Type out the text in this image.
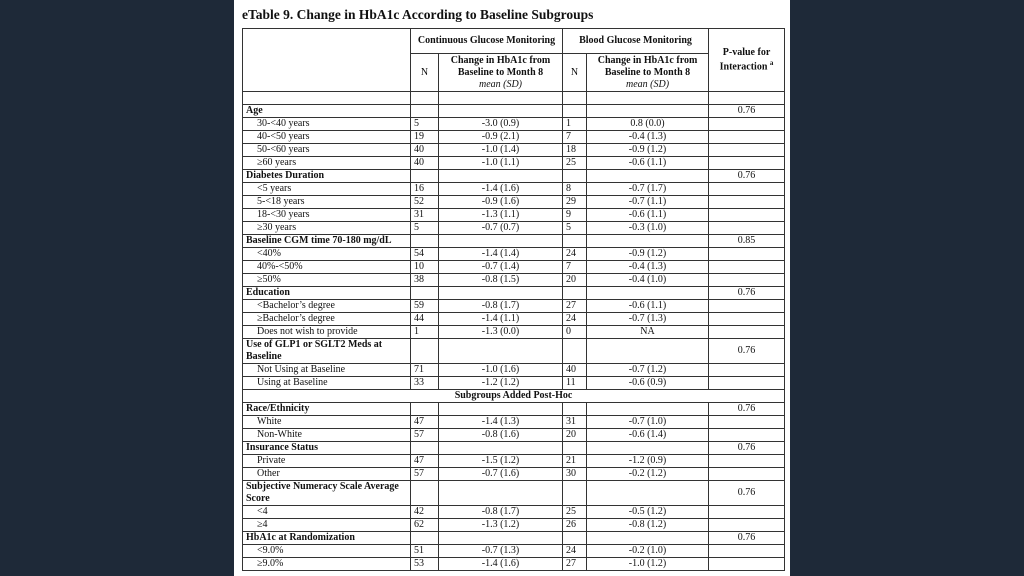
eTable 9. Change in HbA1c According to Baseline Subgroups
	Continuous Glucose Monitoring		Blood Glucose Monitoring		P-value for Interaction $^a$
	N	Change in HbA1c from Baseline to Month 8
mean (SD)	N	Change in HbA1c from Baseline to Month 8
mean (SD)	

Age					0.76
30-<40 years	5	-3.0 (0.9)	1	0.8 (0.0)	
40-<50 years	19	-0.9 (2.1)	7	-0.4 (1.3)	
50-<60 years	40	-1.0 (1.4)	18	-0.9 (1.2)	
≥60 years	40	-1.0 (1.1)	25	-0.6 (1.1)	
Diabetes Duration					0.76
<5 years	16	-1.4 (1.6)	8	-0.7 (1.7)	
5-<18 years	52	-0.9 (1.6)	29	-0.7 (1.1)	
18-<30 years	31	-1.3 (1.1)	9	-0.6 (1.1)	
≥30 years	5	-0.7 (0.7)	5	-0.3 (1.0)	
Baseline CGM time 70-180 mg/dL					0.85
<40%	54	-1.4 (1.4)	24	-0.9 (1.2)	
40%-<50%	10	-0.7 (1.4)	7	-0.4 (1.3)	
≥50%	38	-0.8 (1.5)	20	-0.4 (1.0)	
Education					0.76
<Bachelor’s degree	59	-0.8 (1.7)	27	-0.6 (1.1)	
≥Bachelor’s degree	44	-1.4 (1.1)	24	-0.7 (1.3)	
Does not wish to provide	1	-1.3 (0.0)	0	NA	
Use of GLP1 or SGLT2 Meds at Baseline					0.76
Not Using at Baseline	71	-1.0 (1.6)	40	-0.7 (1.2)	
Using at Baseline	33	-1.2 (1.2)	11	-0.6 (0.9)	
Subgroups Added Post-Hoc					
Race/Ethnicity					0.76
White	47	-1.4 (1.3)	31	-0.7 (1.0)	
Non-White	57	-0.8 (1.6)	20	-0.6 (1.4)	
Insurance Status					0.76
Private	47	-1.5 (1.2)	21	-1.2 (0.9)	
Other	57	-0.7 (1.6)	30	-0.2 (1.2)	
Subjective Numeracy Scale Average Score					0.76
<4	42	-0.8 (1.7)	25	-0.5 (1.2)	
≥4	62	-1.3 (1.2)	26	-0.8 (1.2)	
HbA1c at Randomization					0.76
<9.0%	51	-0.7 (1.3)	24	-0.2 (1.0)	
≥9.0%	53	-1.4 (1.6)	27	-1.0 (1.2)	
